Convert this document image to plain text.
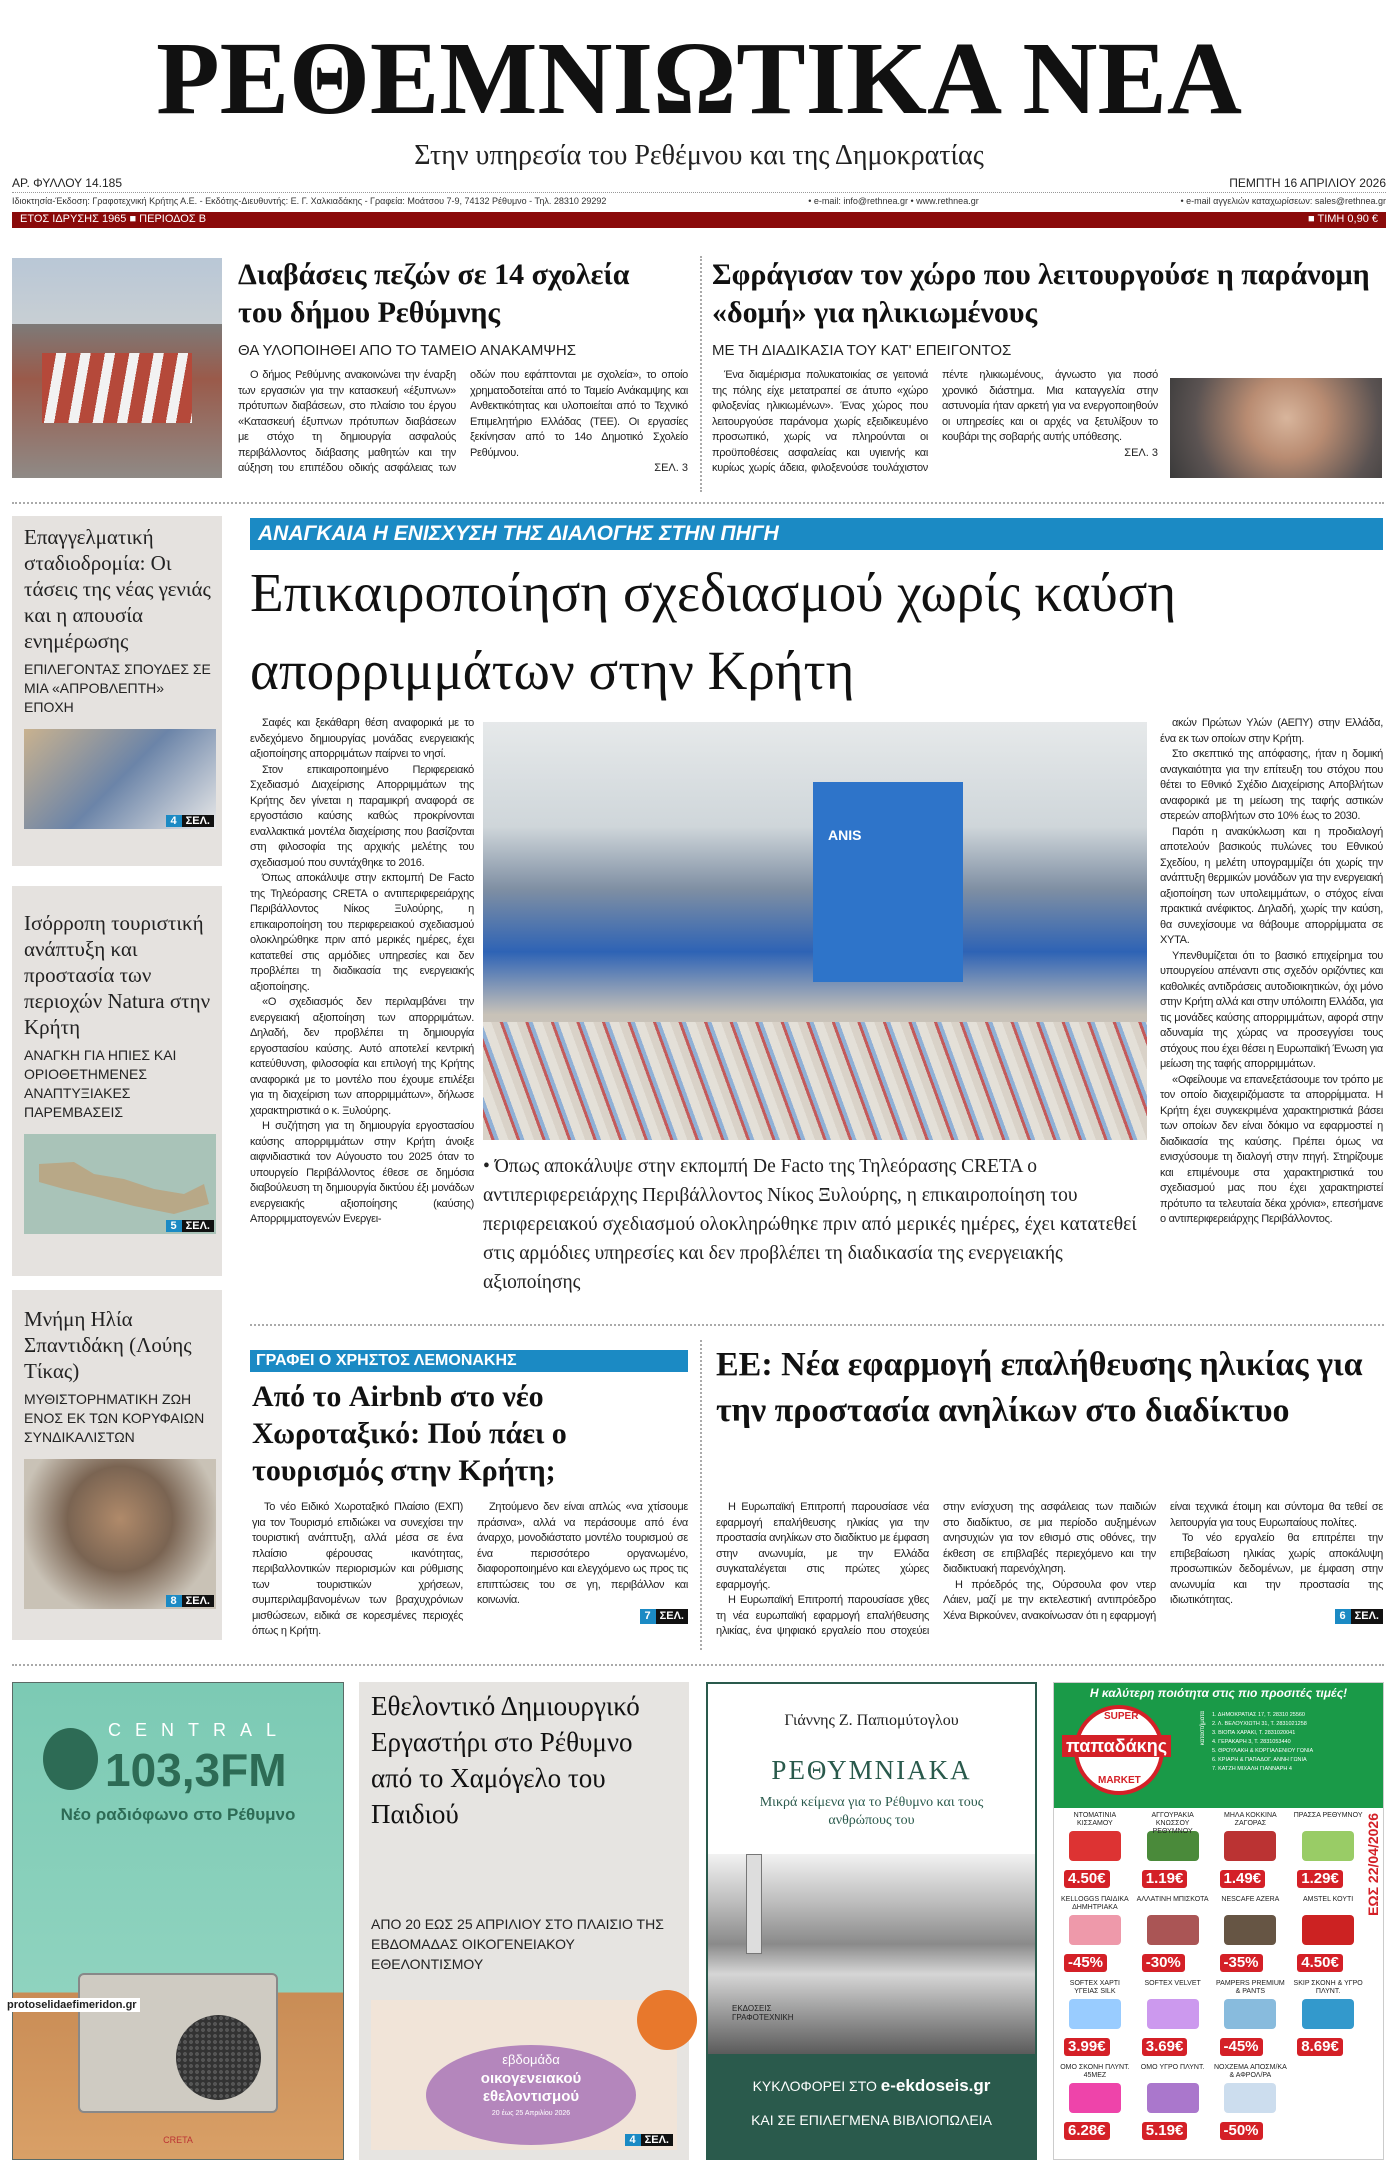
ΡΕΘΕΜΝΙΩΤΙΚΑ ΝΕΑ
Στην υπηρεσία του Ρεθέμνου και της Δημοκρατίας
ΑΡ. ΦΥΛΛΟΥ 14.185	ΠΕΜΠΤΗ 16 ΑΠΡΙΛΙΟΥ 2026
Ιδιοκτησία-Έκδοση: Γραφοτεχνική Κρήτης Α.Ε. - Εκδότης-Διευθυντής: Ε. Γ. Χαλκιαδάκης - Γραφεία: Μοάτσου 7-9, 74132 Ρέθυμνο - Τηλ. 28310 29292	• e-mail: info@rethnea.gr • www.rethnea.gr	• e-mail αγγελιών καταχωρίσεων: sales@rethnea.gr
ΕΤΟΣ ΙΔΡΥΣΗΣ 1965 ■ ΠΕΡΙΟΔΟΣ Β	■ ΤΙΜΗ 0,90 €
Διαβάσεις πεζών σε 14 σχολεία του δήμου Ρεθύμνης
ΘΑ ΥΛΟΠΟΙΗΘΕΙ ΑΠΟ ΤΟ ΤΑΜΕΙΟ ΑΝΑΚΑΜΨΗΣ

Ο δήμος Ρεθύμνης ανακοινώνει την έναρξη των εργασιών για την κατασκευή «έξυπνων» πρότυπων διαβάσεων, στο πλαίσιο του έργου «Κατασκευή έξυπνων πρότυπων διαβάσεων με στόχο τη δημιουργία ασφαλούς περιβάλλοντος διάβασης μαθητών και την αύξηση του επιπέδου οδικής ασφάλειας των οδών που εφάπτονται με σχολεία», το οποίο χρηματοδοτείται από το Ταμείο Ανάκαμψης και Ανθεκτικότητας και υλοποιείται από το Τεχνικό Επιμελητήριο Ελλάδας (ΤΕΕ). Οι εργασίες ξεκίνησαν από το 14ο Δημοτικό Σχολείο Ρεθύμνου.

ΣΕΛ. 3
Σφράγισαν τον χώρο που λειτουργούσε η παράνομη «δομή» για ηλικιωμένους
ΜΕ ΤΗ ΔΙΑΔΙΚΑΣΙΑ ΤΟΥ ΚΑΤ' ΕΠΕΙΓΟΝΤΟΣ

Ένα διαμέρισμα πολυκατοικίας σε γειτονιά της πόλης είχε μετατραπεί σε άτυπο «χώρο φιλοξενίας ηλικιωμένων». Ένας χώρος που λειτουργούσε παράνομα χωρίς εξειδικευμένο προσωπικό, χωρίς να πληρούνται οι προϋποθέσεις ασφαλείας και υγιεινής και κυρίως χωρίς άδεια, φιλοξενούσε τουλάχιστον πέντε ηλικιωμένους, άγνωστο για ποσό χρονικό διάστημα. Μια καταγγελία στην αστυνομία ήταν αρκετή για να ενεργοποιηθούν οι υπηρεσίες και οι αρχές να ξετυλίξουν το κουβάρι της σοβαρής αυτής υπόθεσης.

ΣΕΛ. 3
Επαγγελματική σταδιοδρομία: Οι τάσεις της νέας γενιάς και η απουσία ενημέρωσης
ΕΠΙΛΕΓΟΝΤΑΣ ΣΠΟΥΔΕΣ ΣΕ ΜΙΑ «ΑΠΡΟΒΛΕΠΤΗ» ΕΠΟΧΗ
4 ΣΕΛ.
Ισόρροπη τουριστική ανάπτυξη και προστασία των περιοχών Natura στην Κρήτη
ΑΝΑΓΚΗ ΓΙΑ ΗΠΙΕΣ ΚΑΙ ΟΡΙΟΘΕΤΗΜΕΝΕΣ ΑΝΑΠΤΥΞΙΑΚΕΣ ΠΑΡΕΜΒΑΣΕΙΣ
5 ΣΕΛ.
Μνήμη Ηλία Σπαντιδάκη (Λούης Τίκας)
ΜΥΘΙΣΤΟΡΗΜΑΤΙΚΗ ΖΩΗ ΕΝΟΣ ΕΚ ΤΩΝ ΚΟΡΥΦΑΙΩΝ ΣΥΝΔΙΚΑΛΙΣΤΩΝ
8 ΣΕΛ.
ΑΝΑΓΚΑΙΑ Η ΕΝΙΣΧΥΣΗ ΤΗΣ ΔΙΑΛΟΓΗΣ ΣΤΗΝ ΠΗΓΗ
Επικαιροποίηση σχεδιασμού χωρίς καύση απορριμμάτων στην Κρήτη

Σαφές και ξεκάθαρη θέση αναφορικά με το ενδεχόμενο δημιουργίας μονάδας ενεργειακής αξιοποίησης απορριμάτων παίρνει το νησί.

Στον επικαιροποιημένο Περιφερειακό Σχεδιασμό Διαχείρισης Απορριμμάτων της Κρήτης δεν γίνεται η παραμικρή αναφορά σε εργοστάσιο καύσης καθώς προκρίνονται εναλλακτικά μοντέλα διαχείρισης που βασίζονται στη φιλοσοφία της αρχικής μελέτης του σχεδιασμού που συντάχθηκε το 2016.

Όπως αποκάλυψε στην εκπομπή De Facto της Τηλεόρασης CRETA ο αντιπεριφερειάρχης Περιβάλλοντος Νίκος Ξυλούρης, η επικαιροποίηση του περιφερειακού σχεδιασμού ολοκληρώθηκε πριν από μερικές ημέρες, έχει κατατεθεί στις αρμόδιες υπηρεσίες και δεν προβλέπει τη διαδικασία της ενεργειακής αξιοποίησης.

«Ο σχεδιασμός δεν περιλαμβάνει την ενεργειακή αξιοποίηση των απορριμάτων. Δηλαδή, δεν προβλέπει τη δημιουργία εργοστασίου καύσης. Αυτό αποτελεί κεντρική κατεύθυνση, φιλοσοφία και επιλογή της Κρήτης αναφορικά με το μοντέλο που έχουμε επιλέξει για τη διαχείριση των απορριμμάτων», δήλωσε χαρακτηριστικά ο κ. Ξυλούρης.

Η συζήτηση για τη δημιουργία εργοστασίου καύσης απορριμμάτων στην Κρήτη άνοιξε αιφνιδιαστικά τον Αύγουστο του 2025 όταν το υπουργείο Περιβάλλοντος έθεσε σε δημόσια διαβούλευση τη δημιουργία δικτύου έξι μονάδων ενεργειακής αξιοποίησης (καύσης) Απορριμματογενών Ενεργει-

ANIS
• Όπως αποκάλυψε στην εκπομπή De Facto της Τηλεόρασης CRETA ο αντιπεριφερειάρχης Περιβάλλοντος Νίκος Ξυλούρης, η επικαιροποίηση του περιφερειακού σχεδιασμού ολοκληρώθηκε πριν από μερικές ημέρες, έχει κατατεθεί στις αρμόδιες υπηρεσίες και δεν προβλέπει τη διαδικασία της ενεργειακής αξιοποίησης

ακών Πρώτων Υλών (ΑΕΠΥ) στην Ελλάδα, ένα εκ των οποίων στην Κρήτη.

Στο σκεπτικό της απόφασης, ήταν η δομική αναγκαιότητα για την επίτευξη του στόχου που θέτει το Εθνικό Σχέδιο Διαχείρισης Αποβλήτων αναφορικά με τη μείωση της ταφής αστικών στερεών αποβλήτων στο 10% έως το 2030.

Παρότι η ανακύκλωση και η προδιαλογή αποτελούν βασικούς πυλώνες του Εθνικού Σχεδίου, η μελέτη υπογραμμίζει ότι χωρίς την ανάπτυξη θερμικών μονάδων για την ενεργειακή αξιοποίηση των υπολειμμάτων, ο στόχος είναι πρακτικά ανέφικτος. Δηλαδή, χωρίς την καύση, θα συνεχίσουμε να θάβουμε απορρίμματα σε ΧΥΤΑ.

Υπενθυμίζεται ότι το βασικό επιχείρημα του υπουργείου απέναντι στις σχεδόν οριζόντιες και καθολικές αντιδράσεις αυτοδιοικητικών, όχι μόνο στην Κρήτη αλλά και στην υπόλοιπη Ελλάδα, για τις μονάδες καύσης απορριμμάτων, αφορά στην αδυναμία της χώρας να προσεγγίσει τους στόχους που έχει θέσει η Ευρωπαϊκή Ένωση για μείωση της ταφής απορριμμάτων.

«Οφείλουμε να επανεξετάσουμε τον τρόπο με τον οποίο διαχειριζόμαστε τα απορρίμματα. Η Κρήτη έχει συγκεκριμένα χαρακτηριστικά βάσει των οποίων δεν είναι δόκιμο να εφαρμοστεί η διαδικασία της καύσης. Πρέπει όμως να ενισχύσουμε τη διαλογή στην πηγή. Στηρίζουμε και επιμένουμε στα χαρακτηριστικά του σχεδιασμού μας που έχει χαρακτηριστεί πρότυπο τα τελευταία δέκα χρόνια», επεσήμανε ο αντιπεριφερειάρχης Περιβάλλοντος.

ΓΡΑΦΕΙ Ο ΧΡΗΣΤΟΣ ΛΕΜΟΝΑΚΗΣ
Από το Airbnb στο νέο Χωροταξικό: Πού πάει ο τουρισμός στην Κρήτη;

Το νέο Ειδικό Χωροταξικό Πλαίσιο (ΕΧΠ) για τον Τουρισμό επιδιώκει να συνεχίσει την τουριστική ανάπτυξη, αλλά μέσα σε ένα πλαίσιο φέρουσας ικανότητας, περιβαλλοντικών περιορισμών και ρύθμισης των τουριστικών χρήσεων, συμπεριλαμβανομένων των βραχυχρόνιων μισθώσεων, ειδικά σε κορεσμένες περιοχές όπως η Κρήτη.

Ζητούμενο δεν είναι απλώς «να χτίσουμε πράσινα», αλλά να περάσουμε από ένα άναρχο, μονοδιάστατο μοντέλο τουρισμού σε ένα περισσότερο οργανωμένο, διαφοροποιημένο και ελεγχόμενο ως προς τις επιπτώσεις του σε γη, περιβάλλον και κοινωνία.

7 ΣΕΛ.
ΕΕ: Νέα εφαρμογή επαλήθευσης ηλικίας για την προστασία ανηλίκων στο διαδίκτυο

Η Ευρωπαϊκή Επιτροπή παρουσίασε νέα εφαρμογή επαλήθευσης ηλικίας για την προστασία ανηλίκων στο διαδίκτυο με έμφαση στην ανωνυμία, με την Ελλάδα συγκαταλέγεται στις πρώτες χώρες εφαρμογής.

Η Ευρωπαϊκή Επιτροπή παρουσίασε χθες τη νέα ευρωπαϊκή εφαρμογή επαλήθευσης ηλικίας, ένα ψηφιακό εργαλείο που στοχεύει στην ενίσχυση της ασφάλειας των παιδιών στο διαδίκτυο, σε μια περίοδο αυξημένων ανησυχιών για τον εθισμό στις οθόνες, την έκθεση σε επιβλαβές περιεχόμενο και την διαδικτυακή παρενόχληση.

Η πρόεδρός της, Ούρσουλα φον ντερ Λάιεν, μαζί με την εκτελεστική αντιπρόεδρο Χένα Βιρκούνεν, ανακοίνωσαν ότι η εφαρμογή είναι τεχνικά έτοιμη και σύντομα θα τεθεί σε λειτουργία για τους Ευρωπαίους πολίτες.

Το νέο εργαλείο θα επιτρέπει την επιβεβαίωση ηλικίας χωρίς αποκάλυψη προσωπικών δεδομένων, με έμφαση στην ανωνυμία και την προστασία της ιδιωτικότητας.

6 ΣΕΛ.
CENTRAL
103,3FM
Νέο ραδιόφωνο στο Ρέθυμνο
CRETA
protoselidaefimeridon.gr
Εθελοντικό Δημιουργικό Εργαστήρι στο Ρέθυμνο από το Χαμόγελο του Παιδιού
ΑΠΟ 20 ΕΩΣ 25 ΑΠΡΙΛΙΟΥ ΣΤΟ ΠΛΑΙΣΙΟ ΤΗΣ ΕΒΔΟΜΑΔΑΣ ΟΙΚΟΓΕΝΕΙΑΚΟΥ ΕΘΕΛΟΝΤΙΣΜΟΥ
εβδομάδα
οικογενειακού εθελοντισμού
20 έως 25 Απριλίου 2026
4 ΣΕΛ.
Γιάννης Ζ. Παπιομύτογλου
ΡΕΘΥΜΝΙΑΚΑ
Μικρά κείμενα για το Ρέθυμνο και τους ανθρώπους του
ΕΚΔΟΣΕΙΣ ΓΡΑΦΟΤΕΧΝΙΚΗ
ΚΥΚΛΟΦΟΡΕΙ ΣΤΟ e-ekdoseis.gr
ΚΑΙ ΣΕ ΕΠΙΛΕΓΜΕΝΑ ΒΙΒΛΙΟΠΩΛΕΙΑ
Η καλύτερη ποιότητα στις πιο προσιτές τιμές!
SUPER
παπαδάκης
MARKET
1. ΔΗΜΟΚΡΑΤΙΑΣ 17, Τ. 28310 25560
2. Λ. ΒΕΛΟΥΧΙΩΤΗ 31, Τ. 2831021258
3. ΒΙΟΠΑ ΧΑΡΑΚΙ, Τ. 2831020041
4. ΓΕΡΑΚΑΡΗ 3, Τ. 2831053440
5. ΘΡΟΥΛΑΚΗ & ΚΟΡΓΙΑΛΕΝΙΟΥ ΓΩΝΙΑ
6. ΚΡΙΑΡΗ & ΠΑΠΑΔΟΓ. ΑΝΝΗ ΓΩΝΙΑ
7. ΚΑΤΖΗ ΜΙΧΑΛΗ ΓΙΑΝΝΑΡΗ 4
καταστήματα
ΕΩΣ 22/04/2026
ΝΤΟΜΑΤΙΝΙΑ ΚΙΣΣΑΜΟΥ
4.50€
ΑΓΓΟΥΡΑΚΙΑ ΚΝΩΣΣΟΥ ΡΕΘΥΜΝΟΥ
1.19€
ΜΗΛΑ ΚΟΚΚΙΝΑ ΖΑΓΟΡΑΣ
1.49€
ΠΡΑΣΣΑ ΡΕΘΥΜΝΟΥ
1.29€
KELLOGGS ΠΑΙΔΙΚΑ ΔΗΜΗΤΡΙΑΚΑ
-45%
ΑΛΛΑΤΙΝΗ ΜΠΙΣΚΟΤΑ
-30%
NESCAFE AZERA
-35%
AMSTEL ΚΟΥΤΙ
4.50€
SOFTEX ΧΑΡΤΙ ΥΓΕΙΑΣ SILK
3.99€
SOFTEX VELVET
3.69€
PAMPERS PREMIUM & PANTS
-45%
SKIP ΣΚΟΝΗ & ΥΓΡΟ ΠΛΥΝΤ.
8.69€
OMO ΣΚΟΝΗ ΠΛΥΝΤ. 45ΜΕΖ
6.28€
OMO ΥΓΡΟ ΠΛΥΝΤ.
5.19€
NOXZEMA ΑΠΟΣΜ/ΚΑ & ΑΦΡΟΛ/ΡΑ
-50%
